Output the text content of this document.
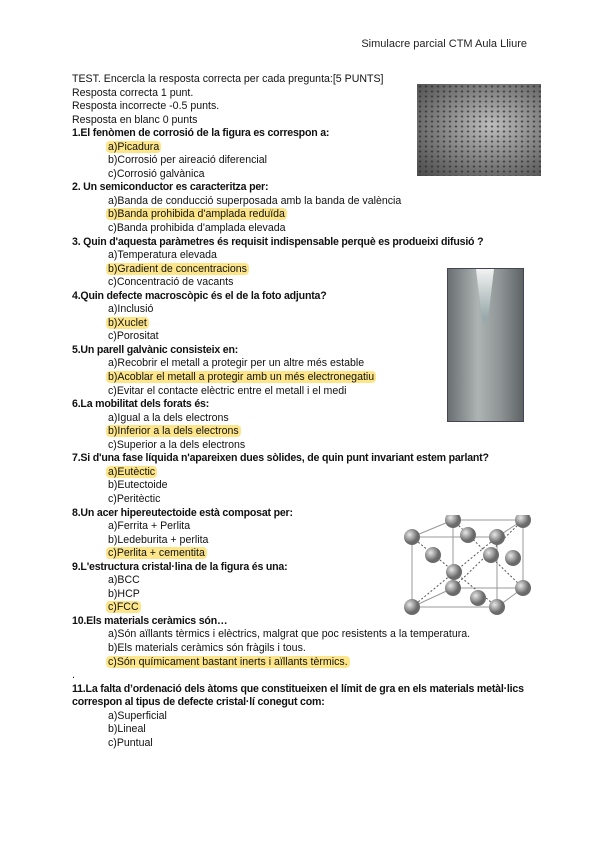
Simulacre parcial CTM Aula Lliure
TEST. Encercla la resposta correcta per cada pregunta:[5 PUNTS]
Resposta correcta 1 punt.
Resposta incorrecte -0.5 punts.
Resposta en blanc 0 punts
1.El fenòmen de corrosió de la figura es correspon a:
a)Picadura
b)Corrosió per aireació diferencial
c)Corrosió galvànica
2. Un semiconductor es caracteritza per:
a)Banda de conducció superposada amb la banda de valència
b)Banda prohibida d'amplada reduïda
c)Banda prohibida d'amplada elevada
3. Quin d'aquesta paràmetres és requisit indispensable perquè es produeixi difusió ?
a)Temperatura elevada
b)Gradient de concentracions
c)Concentració de vacants
4.Quin defecte macroscòpic és el de la foto adjunta?
a)Inclusió
b)Xuclet
c)Porositat
5.Un parell galvànic consisteix en:
a)Recobrir el metall a protegir per un altre més estable
b)Acoblar el metall a protegir amb un més electronegatiu
c)Evitar el contacte elèctric entre el metall i el medi
6.La mobilitat dels forats és:
a)Igual a la dels electrons
b)Inferior a la dels electrons
c)Superior a la dels electrons
7.Si d'una fase líquida n'apareixen dues sòlides, de quin punt invariant estem parlant?
a)Eutèctic
b)Eutectoide
c)Peritèctic
8.Un acer hipereutectoide està composat per:
a)Ferrita + Perlita
b)Ledeburita + perlita
c)Perlita + cementita
9.L'estructura cristal·lina de la figura és una:
a)BCC
b)HCP
c)FCC
10.Els materials ceràmics són…
a)Són aïllants tèrmics i elèctrics, malgrat que poc resistents a la temperatura.
b)Els materials ceràmics són fràgils i tous.
c)Són químicament bastant inerts i aïllants tèrmics.
.
11.La falta d’ordenació dels àtoms que constitueixen el límit de gra en els materials metàl·lics correspon al tipus de defecte cristal·lí conegut com:
a)Superficial
b)Lineal
c)Puntual
